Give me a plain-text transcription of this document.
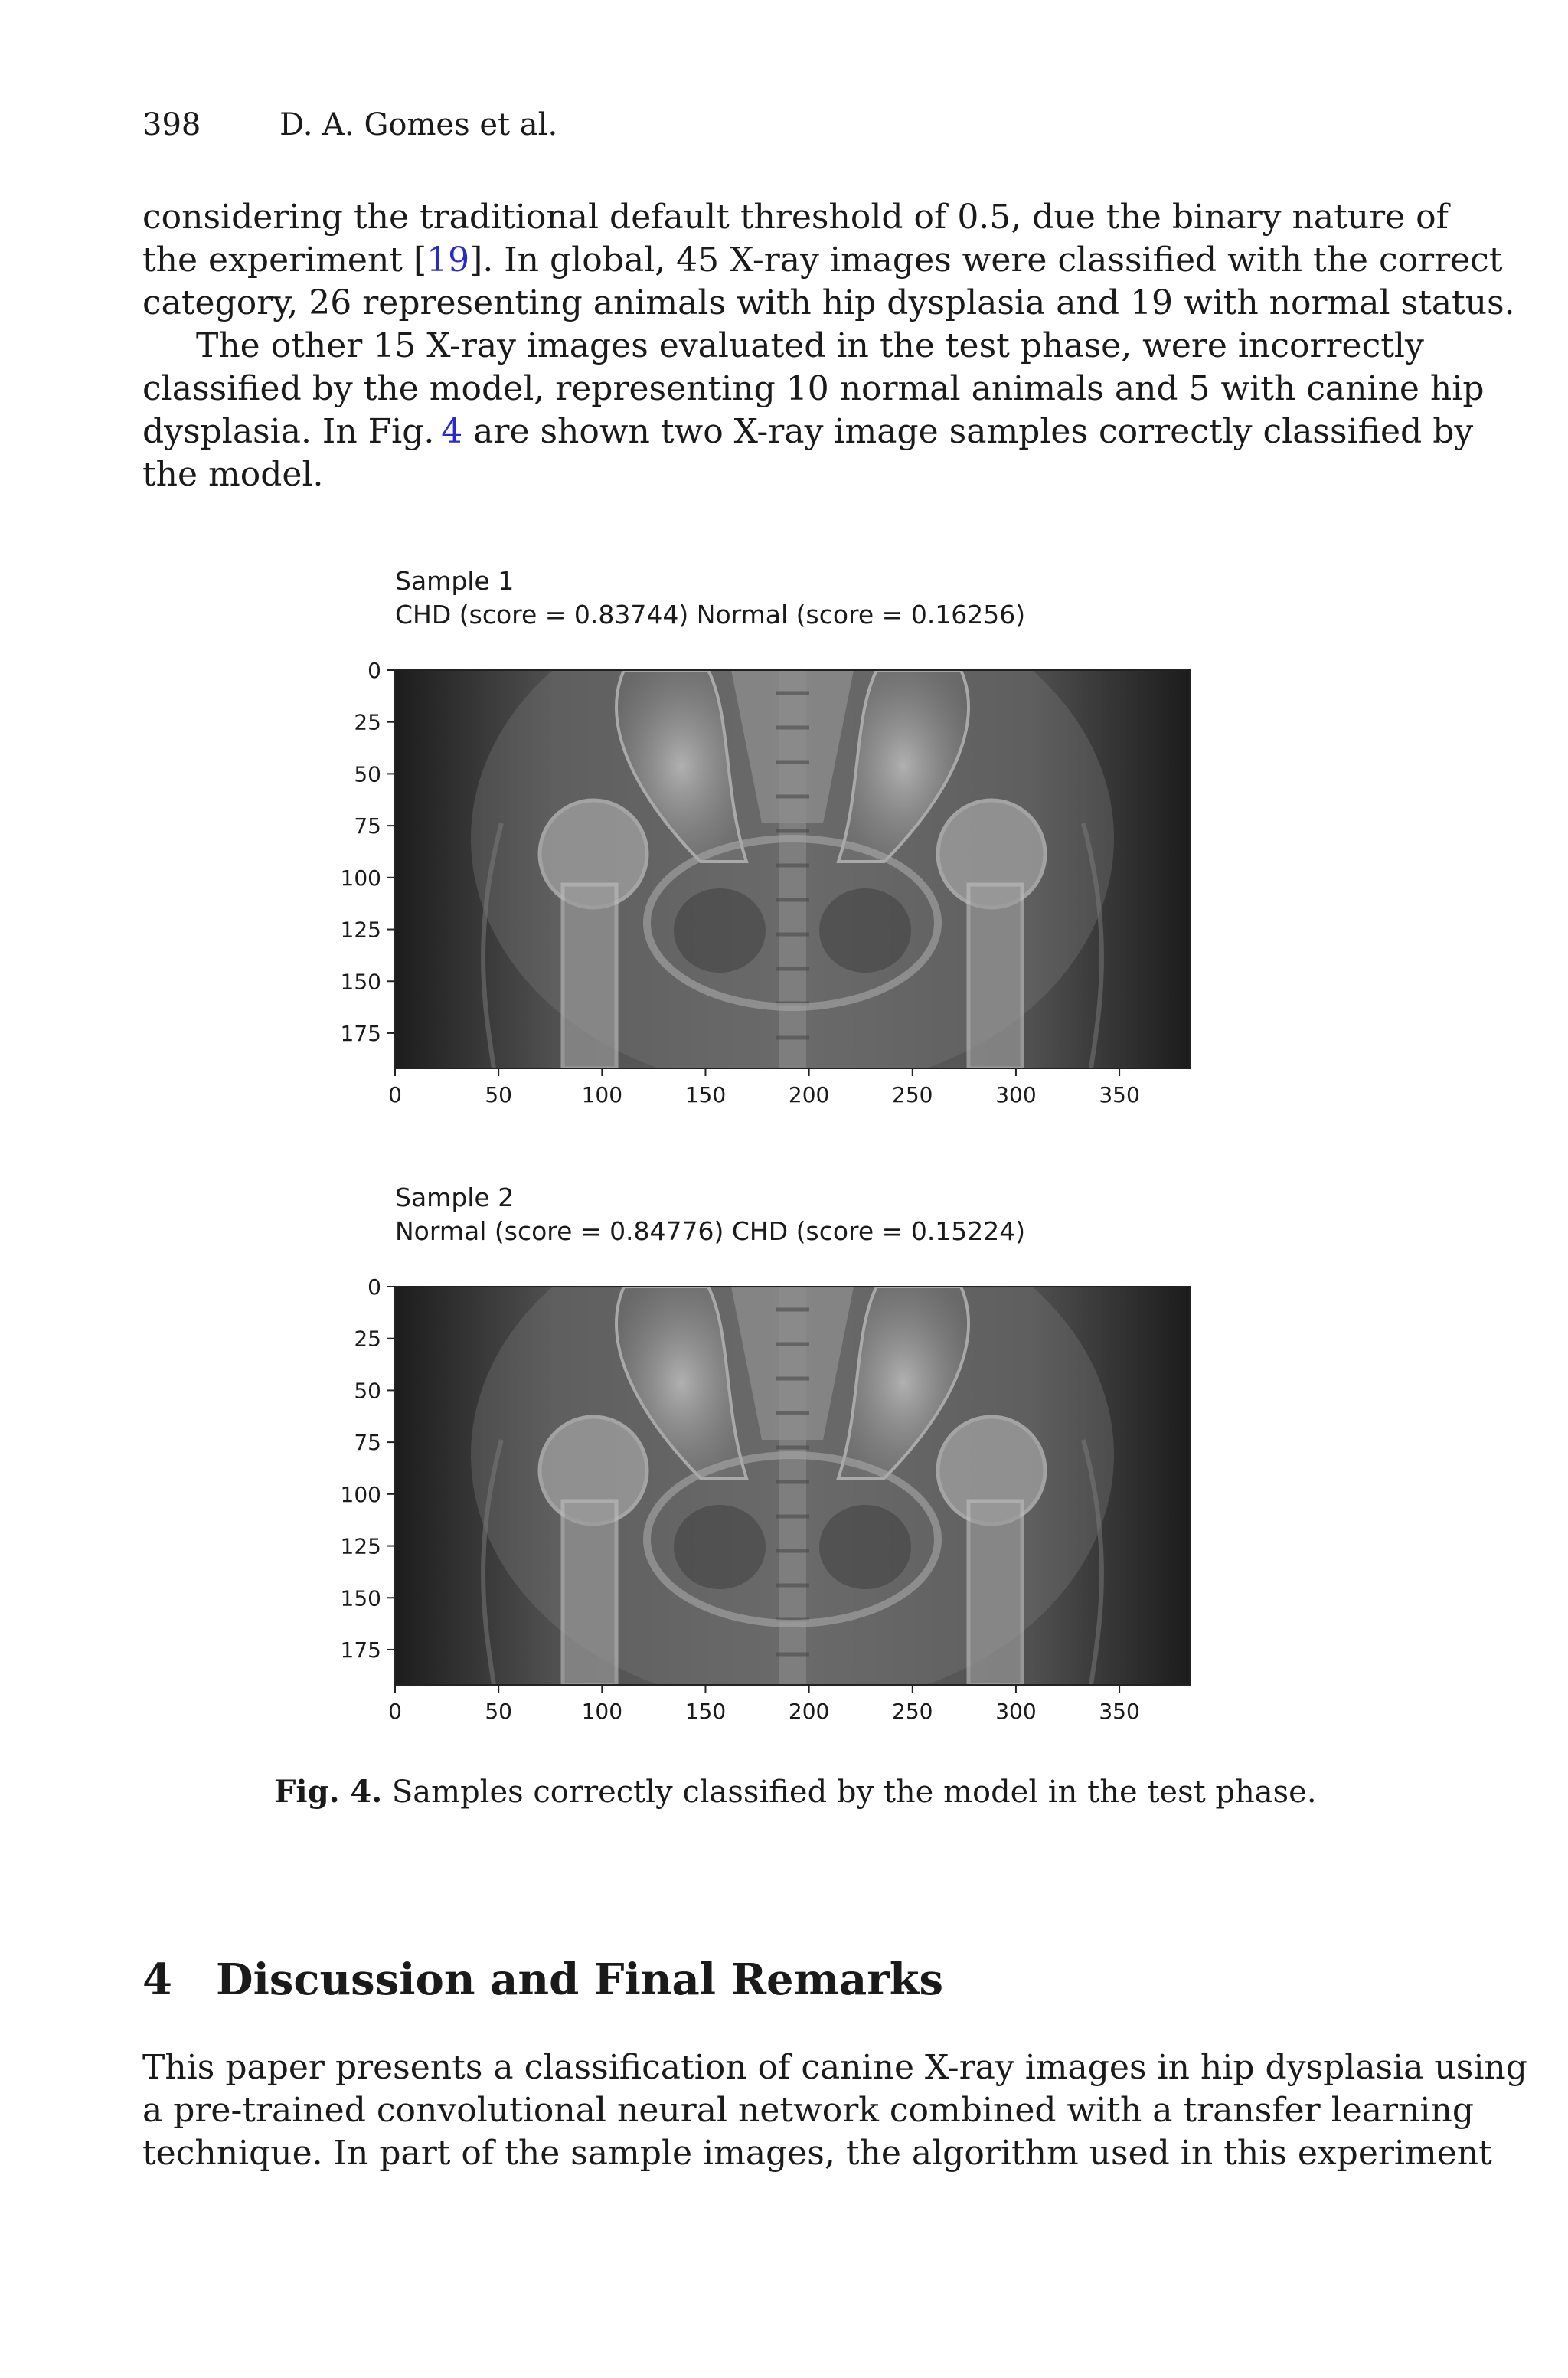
398	D. A. Gomes et al.
considering the traditional default threshold of 0.5, due the binary nature of
the experiment [19]. In global, 45 X-ray images were classified with the correct
category, 26 representing animals with hip dysplasia and 19 with normal status.
The other 15 X-ray images evaluated in the test phase, were incorrectly
classified by the model, representing 10 normal animals and 5 with canine hip
dysplasia. In Fig. 4 are shown two X-ray image samples correctly classified by
the model.
Sample 1
CHD (score = 0.83744) Normal (score = 0.16256)
0	50	100	150	200	250	300	350
0
25
50
75
100
125
150
175
Sample 2
Normal (score = 0.84776) CHD (score = 0.15224)
0	50	100	150	200	250	300	350
0
25
50
75
100
125
150
175
Fig. 4. Samples correctly classified by the model in the test phase.
4 Discussion and Final Remarks
This paper presents a classification of canine X-ray images in hip dysplasia using
a pre-trained convolutional neural network combined with a transfer learning
technique. In part of the sample images, the algorithm used in this experiment
